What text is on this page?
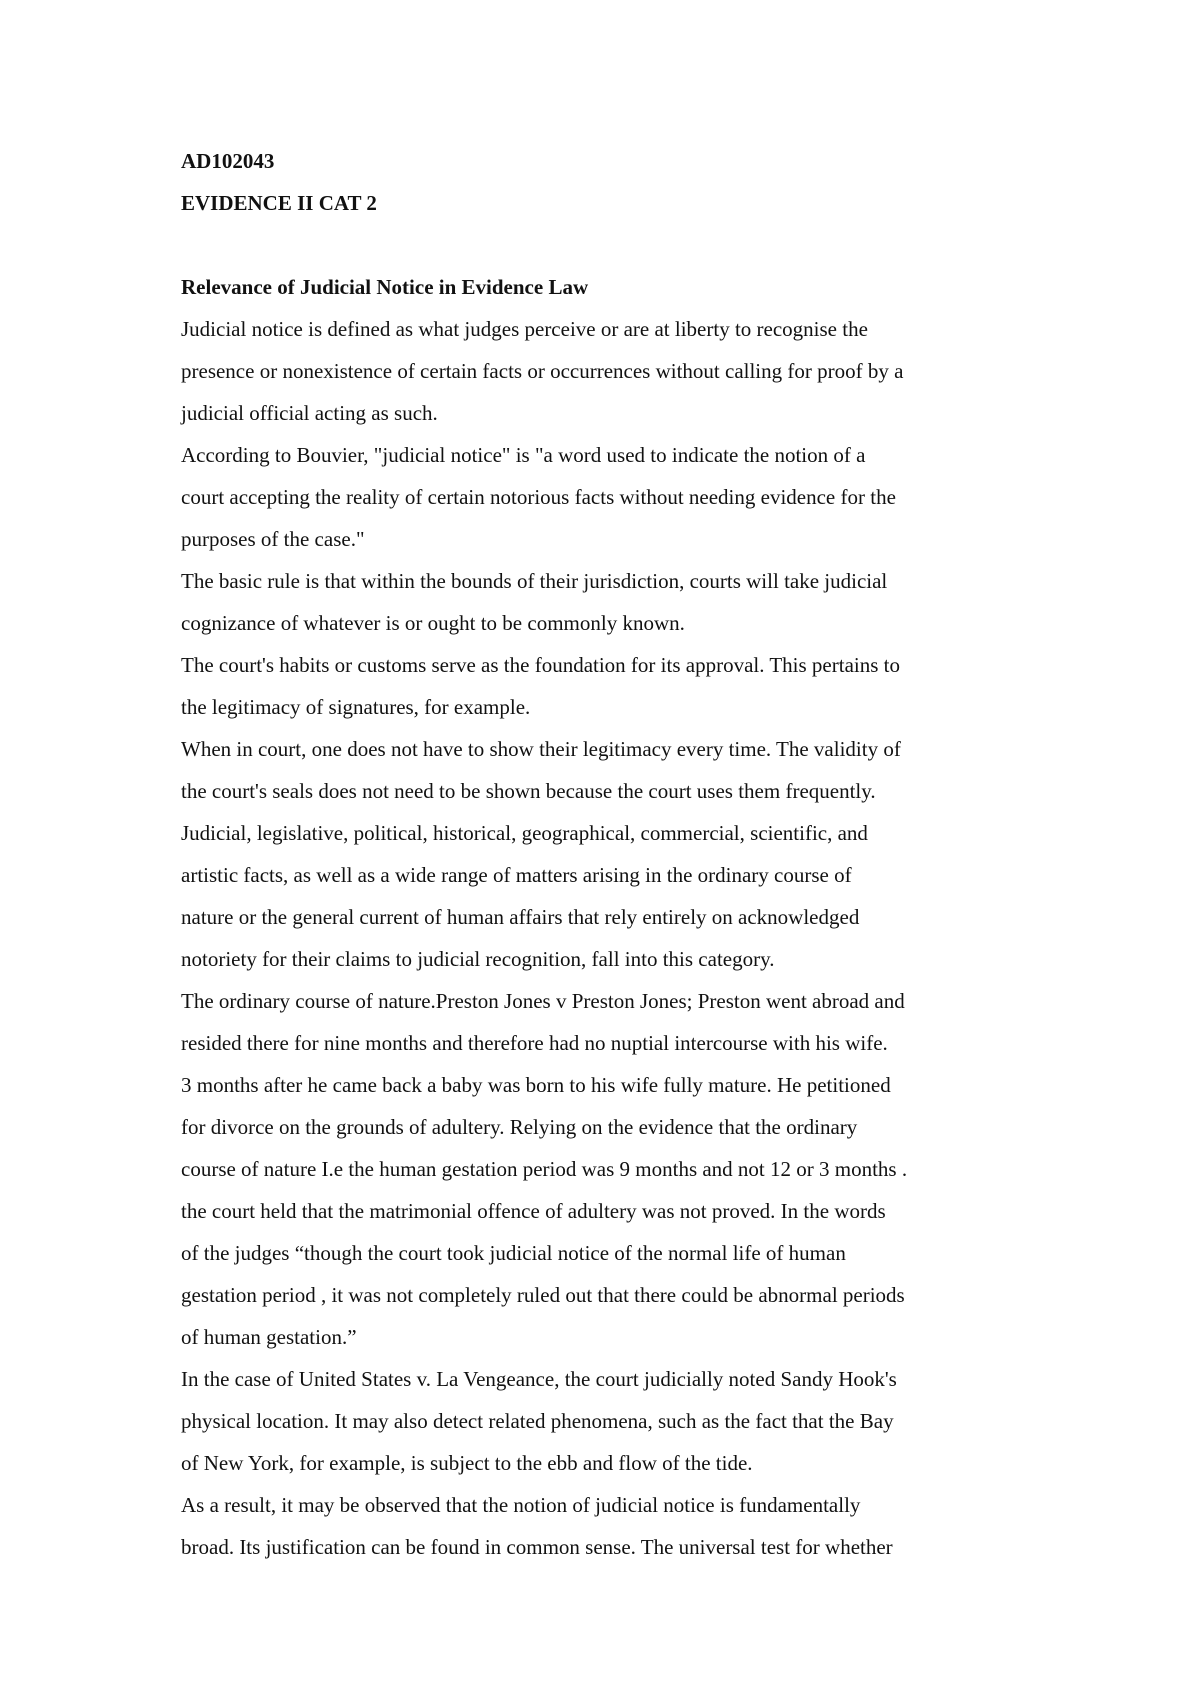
AD102043

EVIDENCE II CAT 2

Relevance of Judicial Notice in Evidence Law

Judicial notice is defined as what judges perceive or are at liberty to recognise the
presence or nonexistence of certain facts or occurrences without calling for proof by a
judicial official acting as such.

According to Bouvier, "judicial notice" is "a word used to indicate the notion of a
court accepting the reality of certain notorious facts without needing evidence for the
purposes of the case."

The basic rule is that within the bounds of their jurisdiction, courts will take judicial
cognizance of whatever is or ought to be commonly known.

The court's habits or customs serve as the foundation for its approval. This pertains to
the legitimacy of signatures, for example.

When in court, one does not have to show their legitimacy every time. The validity of
the court's seals does not need to be shown because the court uses them frequently.

Judicial, legislative, political, historical, geographical, commercial, scientific, and
artistic facts, as well as a wide range of matters arising in the ordinary course of
nature or the general current of human affairs that rely entirely on acknowledged
notoriety for their claims to judicial recognition, fall into this category.

The ordinary course of nature.Preston Jones v Preston Jones; Preston went abroad and
resided there for nine months and therefore had no nuptial intercourse with his wife.

3 months after he came back a baby was born to his wife fully mature. He petitioned
for divorce on the grounds of adultery. Relying on the evidence that the ordinary
course of nature I.e the human gestation period was 9 months and not 12 or 3 months .
the court held that the matrimonial offence of adultery was not proved. In the words
of the judges “though the court took judicial notice of the normal life of human
gestation period , it was not completely ruled out that there could be abnormal periods
of human gestation.”

In the case of United States v. La Vengeance, the court judicially noted Sandy Hook's
physical location. It may also detect related phenomena, such as the fact that the Bay
of New York, for example, is subject to the ebb and flow of the tide.

As a result, it may be observed that the notion of judicial notice is fundamentally
broad. Its justification can be found in common sense. The universal test for whether
